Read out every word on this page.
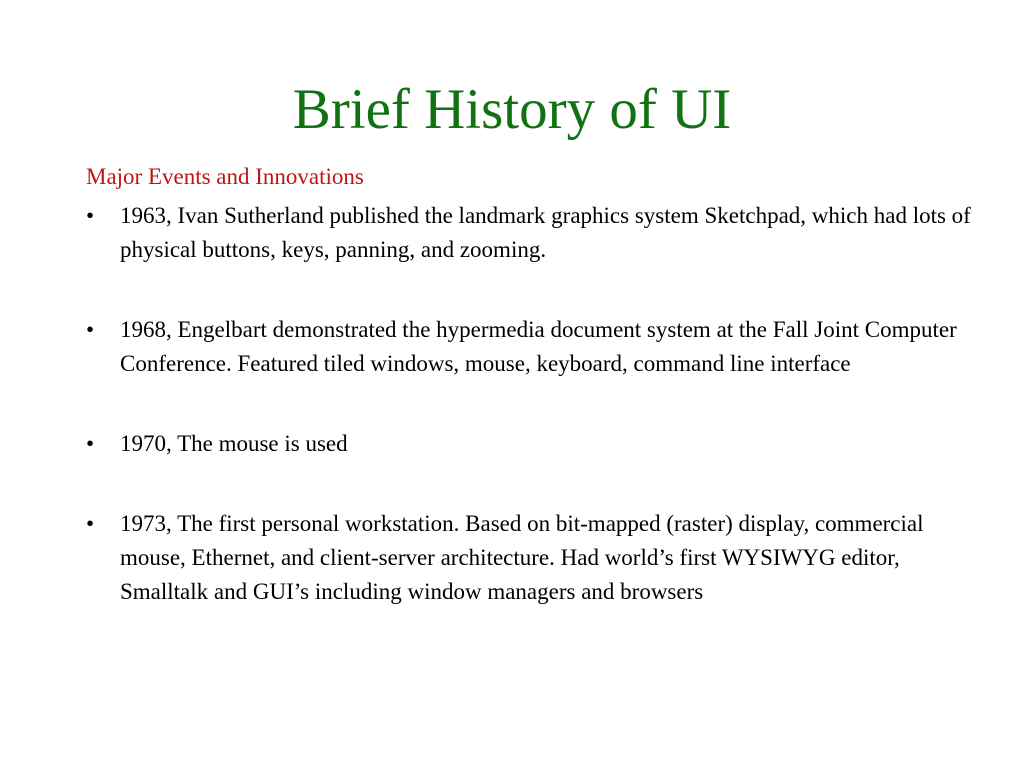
Brief History of UI
Major Events and Innovations
•	1963, Ivan Sutherland published the landmark graphics system Sketchpad, which had lots of physical buttons, keys, panning, and zooming.
•	1968, Engelbart demonstrated the hypermedia document system at the Fall Joint Computer Conference. Featured tiled windows, mouse, keyboard, command line interface
•	1970, The mouse is used
•	1973, The first personal workstation. Based on bit-mapped (raster) display, commercial mouse, Ethernet, and client-server architecture. Had world’s first WYSIWYG editor, Smalltalk and GUI’s including window managers and browsers
